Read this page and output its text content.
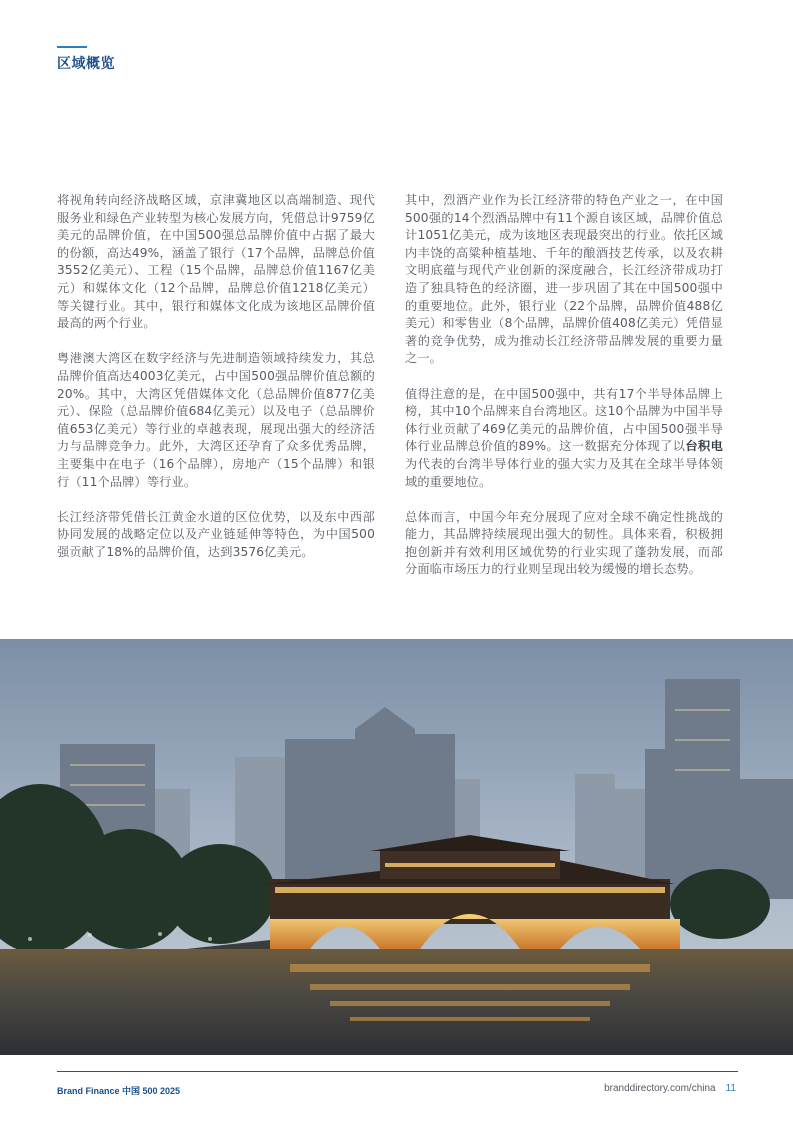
区域概览

将视角转向经济战略区域，京津冀地区以高端制造、现代服务业和绿色产业转型为核心发展方向，凭借总计9759亿美元的品牌价值，在中国500强总品牌价值中占据了最大的份额，高达49%，涵盖了银行（17个品牌，品牌总价值3552亿美元）、工程（15个品牌，品牌总价值1167亿美元）和媒体文化（12个品牌，品牌总价值1218亿美元）等关键行业。其中，银行和媒体文化成为该地区品牌价值最高的两个行业。

粤港澳大湾区在数字经济与先进制造领域持续发力，其总品牌价值高达4003亿美元，占中国500强品牌价值总额的20%。其中，大湾区凭借媒体文化（总品牌价值877亿美元）、保险（总品牌价值684亿美元）以及电子（总品牌价值653亿美元）等行业的卓越表现，展现出强大的经济活力与品牌竞争力。此外，大湾区还孕育了众多优秀品牌，主要集中在电子（16个品牌），房地产（15个品牌）和银行（11个品牌）等行业。

长江经济带凭借长江黄金水道的区位优势，以及东中西部协同发展的战略定位以及产业链延伸等特色，为中国500强贡献了18%的品牌价值，达到3576亿美元。

其中，烈酒产业作为长江经济带的特色产业之一，在中国500强的14个烈酒品牌中有11个源自该区域，品牌价值总计1051亿美元，成为该地区表现最突出的行业。依托区域内丰饶的高粱种植基地、千年的酿酒技艺传承，以及农耕文明底蕴与现代产业创新的深度融合，长江经济带成功打造了独具特色的经济圈，进一步巩固了其在中国500强中的重要地位。此外，银行业（22个品牌，品牌价值488亿美元）和零售业（8个品牌，品牌价值408亿美元）凭借显著的竞争优势，成为推动长江经济带品牌发展的重要力量之一。

值得注意的是，在中国500强中，共有17个半导体品牌上榜，其中10个品牌来自台湾地区。这10个品牌为中国半导体行业贡献了469亿美元的品牌价值，占中国500强半导体行业品牌总价值的89%。这一数据充分体现了以台积电为代表的台湾半导体行业的强大实力及其在全球半导体领域的重要地位。

总体而言，中国今年充分展现了应对全球不确定性挑战的能力，其品牌持续展现出强大的韧性。具体来看，积极拥抱创新并有效利用区域优势的行业实现了蓬勃发展，而部分面临市场压力的行业则呈现出较为缓慢的增长态势。

Brand Finance 中国 500 2025	branddirectory.com/china 11
